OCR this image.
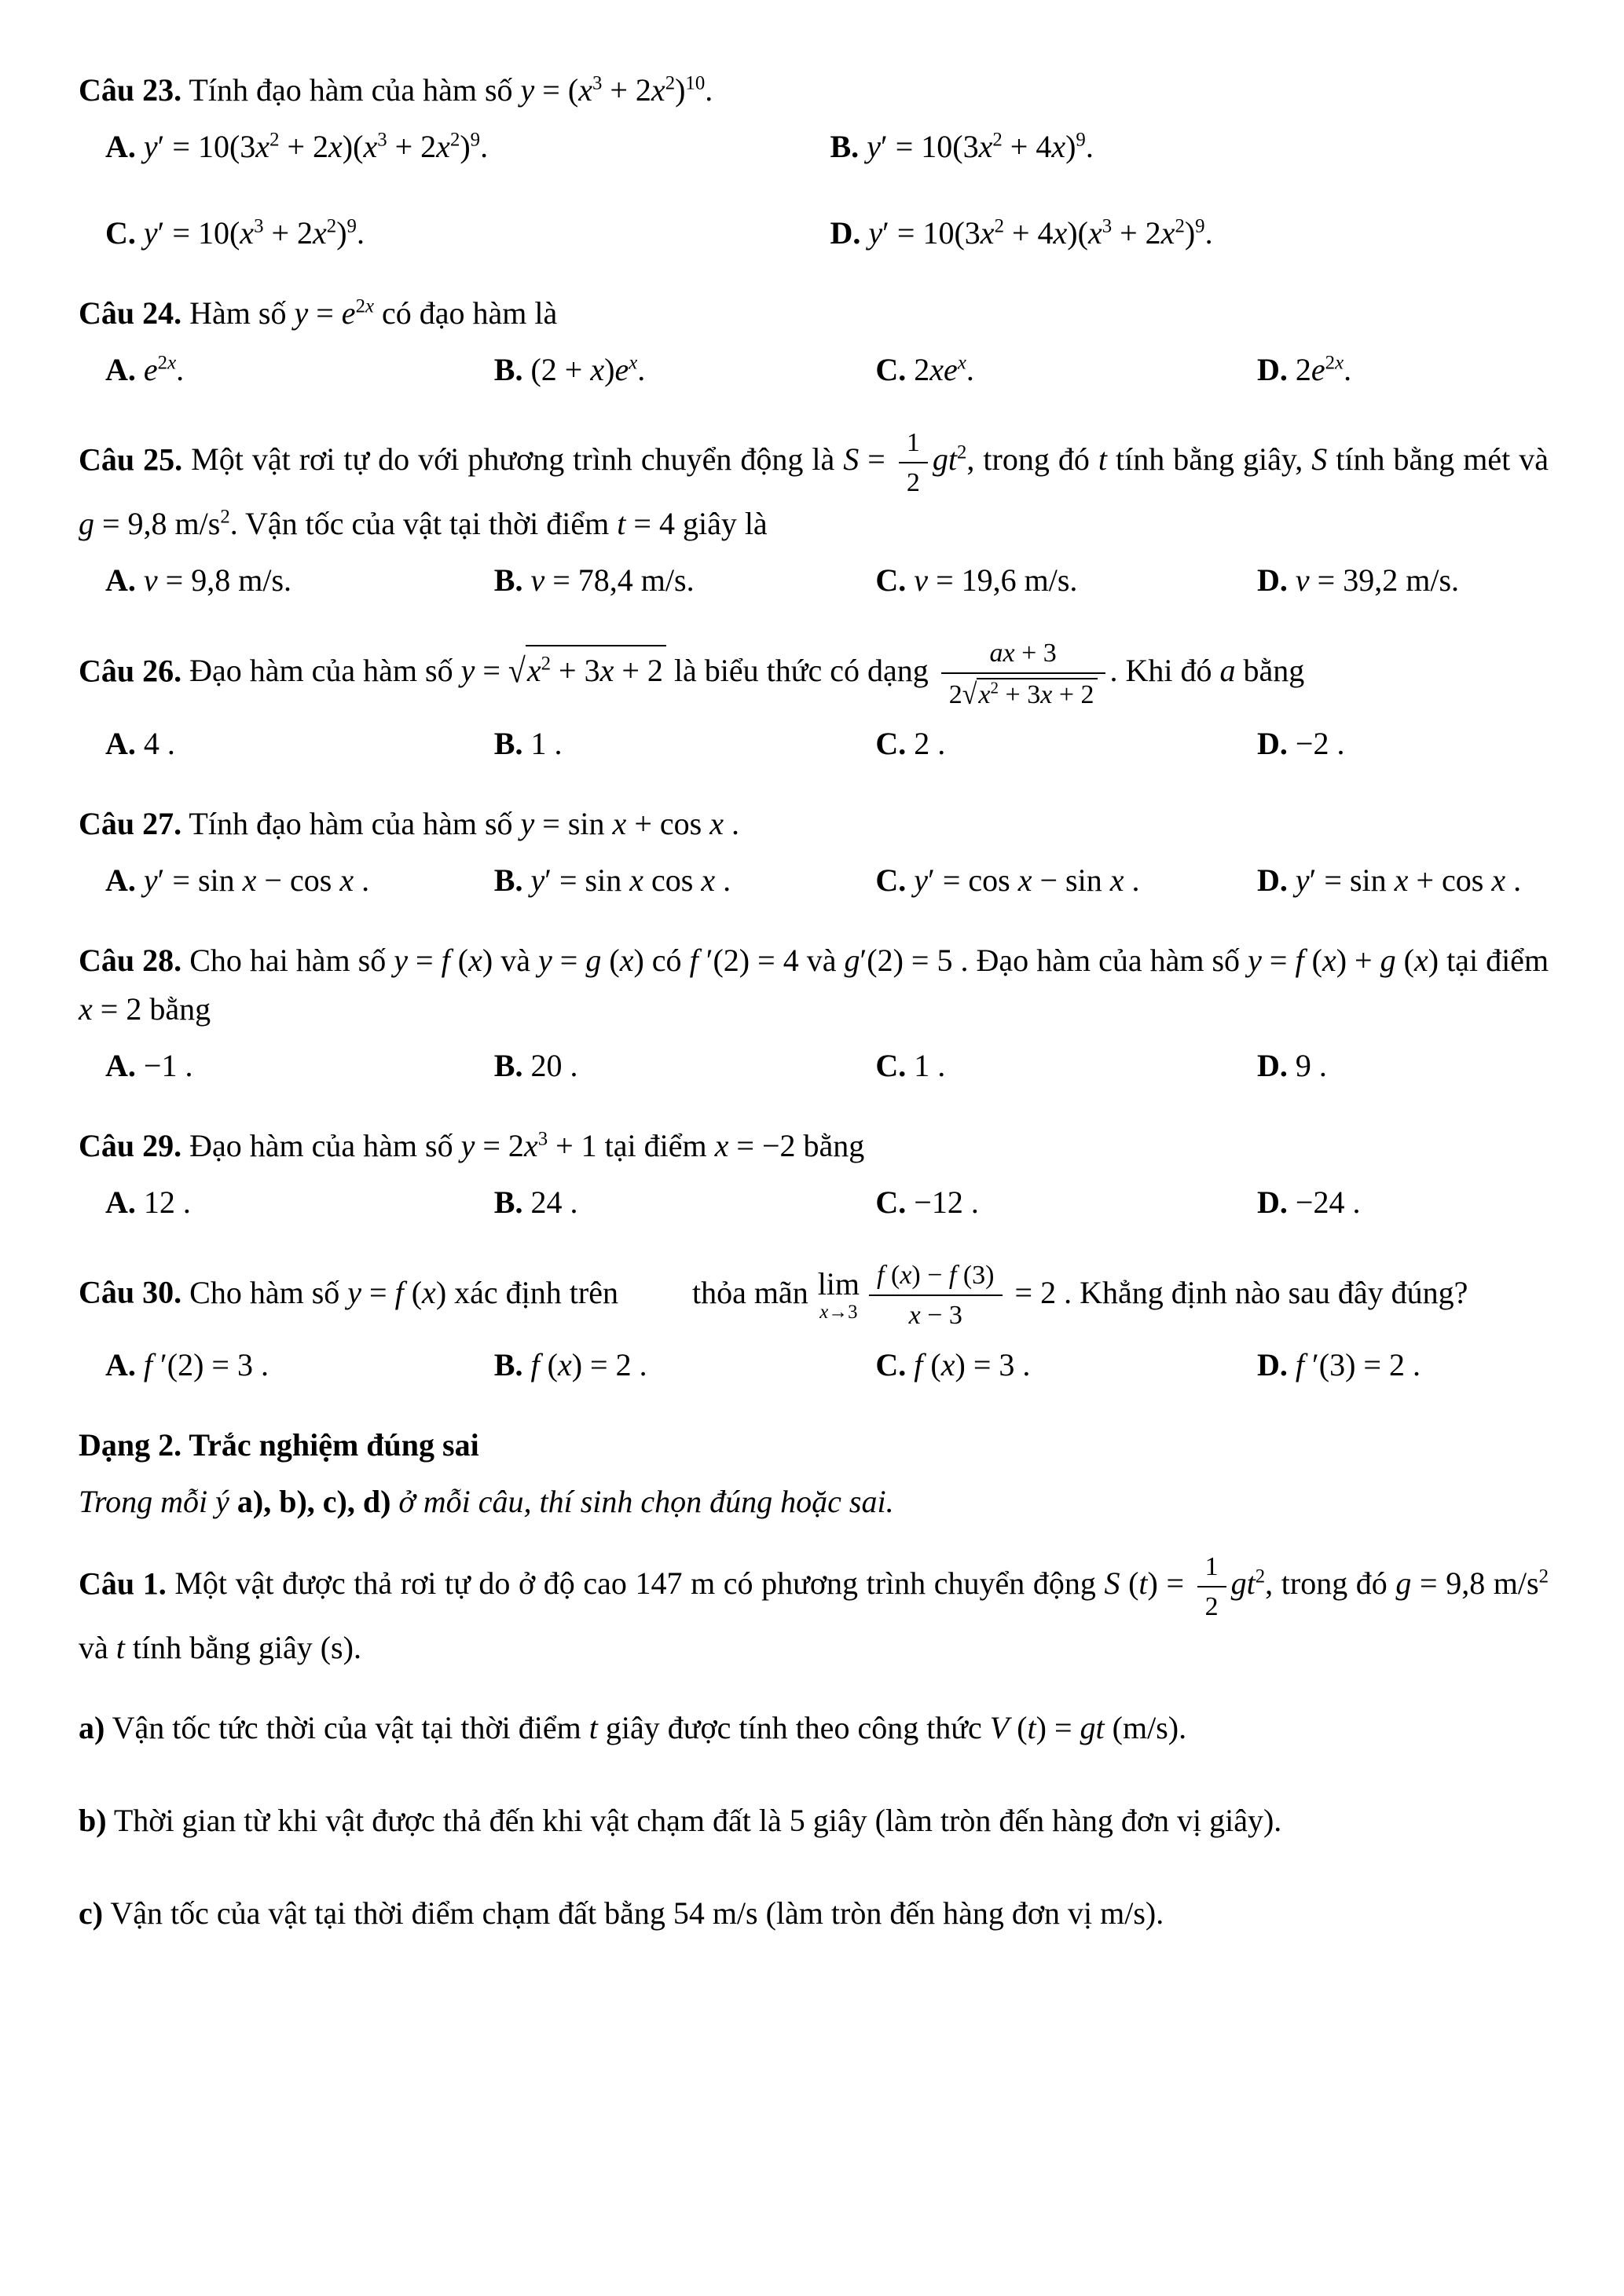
Câu 23. Tính đạo hàm của hàm số $y = (x^3 + 2x^2)^{10}$.
A. $y' = 10(3x^2 + 2x)(x^3 + 2x^2)^9$.	B. $y' = 10(3x^2 + 4x)^9$.
C. $y' = 10(x^3 + 2x^2)^9$.	D. $y' = 10(3x^2 + 4x)(x^3 + 2x^2)^9$.
Câu 24. Hàm số $y = e^{2x}$ có đạo hàm là
A. $e^{2x}$.	B. $(2 + x)e^x$.	C. $2xe^x$.	D. $2e^{2x}$.
Câu 25. Một vật rơi tự do với phương trình chuyển động là $S = \frac{1}{2} gt^2$, trong đó t tính bằng giây, S tính bằng mét và g = 9,8 $m/s^2$. Vận tốc của vật tại thời điểm t = 4 giây là
A. v = 9,8 m/s.	B. v = 78,4 m/s.	C. v = 19,6 m/s.	D. v = 39,2 m/s.
Câu 26. Đạo hàm của hàm số $y = √x^2 + 3x + 2$ là biểu thức có dạng $\frac{ax + 3}{2√x^2 + 3x + 2}$ . Khi đó a bằng
A. 4 .	B. 1 .	C. 2 .	D. −2 .
Câu 27. Tính đạo hàm của hàm số y = sin x + cos x .
A. y′ = sin x − cos x .	B. y′ = sin x cos x .	C. y′ = cos x − sin x .	D. y′ = sin x + cos x .
Câu 28. Cho hai hàm số y = f (x) và y = g (x) có f ′(2) = 4 và g′(2) = 5 . Đạo hàm của hàm số y = f (x) + g (x) tại điểm x = 2 bằng
A. −1 .	B. 20 .	C. 1 .	D. 9 .
Câu 29. Đạo hàm của hàm số $y = 2x^3 + 1$ tại điểm x = −2 bằng
A. 12 .	B. 24 .	C. −12 .	D. −24 .
Câu 30. Cho hàm số y = f (x) xác định trên  thỏa mãn lim
$x\to 3 \frac{f (x) - f (3)}{x - 3} = 2$ . Khẳng định nào sau đây đúng?
A. f ′(2) = 3 .	B. f (x) = 2 .	C. f (x) = 3 .	D. f ′(3) = 2 .
Dạng 2. Trắc nghiệm đúng sai
Trong mỗi ý a), b), c), d) ở mỗi câu, thí sinh chọn đúng hoặc sai.
Câu 1. Một vật được thả rơi tự do ở độ cao 147 m có phương trình chuyển động S $(t) = \frac{1}{2} gt^2$, trong đó g = 9,8 $m/s^2$ và t tính bằng giây (s).
a) Vận tốc tức thời của vật tại thời điểm t giây được tính theo công thức V (t) = gt (m/s).
b) Thời gian từ khi vật được thả đến khi vật chạm đất là 5 giây (làm tròn đến hàng đơn vị giây).
c) Vận tốc của vật tại thời điểm chạm đất bằng 54 m/s (làm tròn đến hàng đơn vị m/s).
